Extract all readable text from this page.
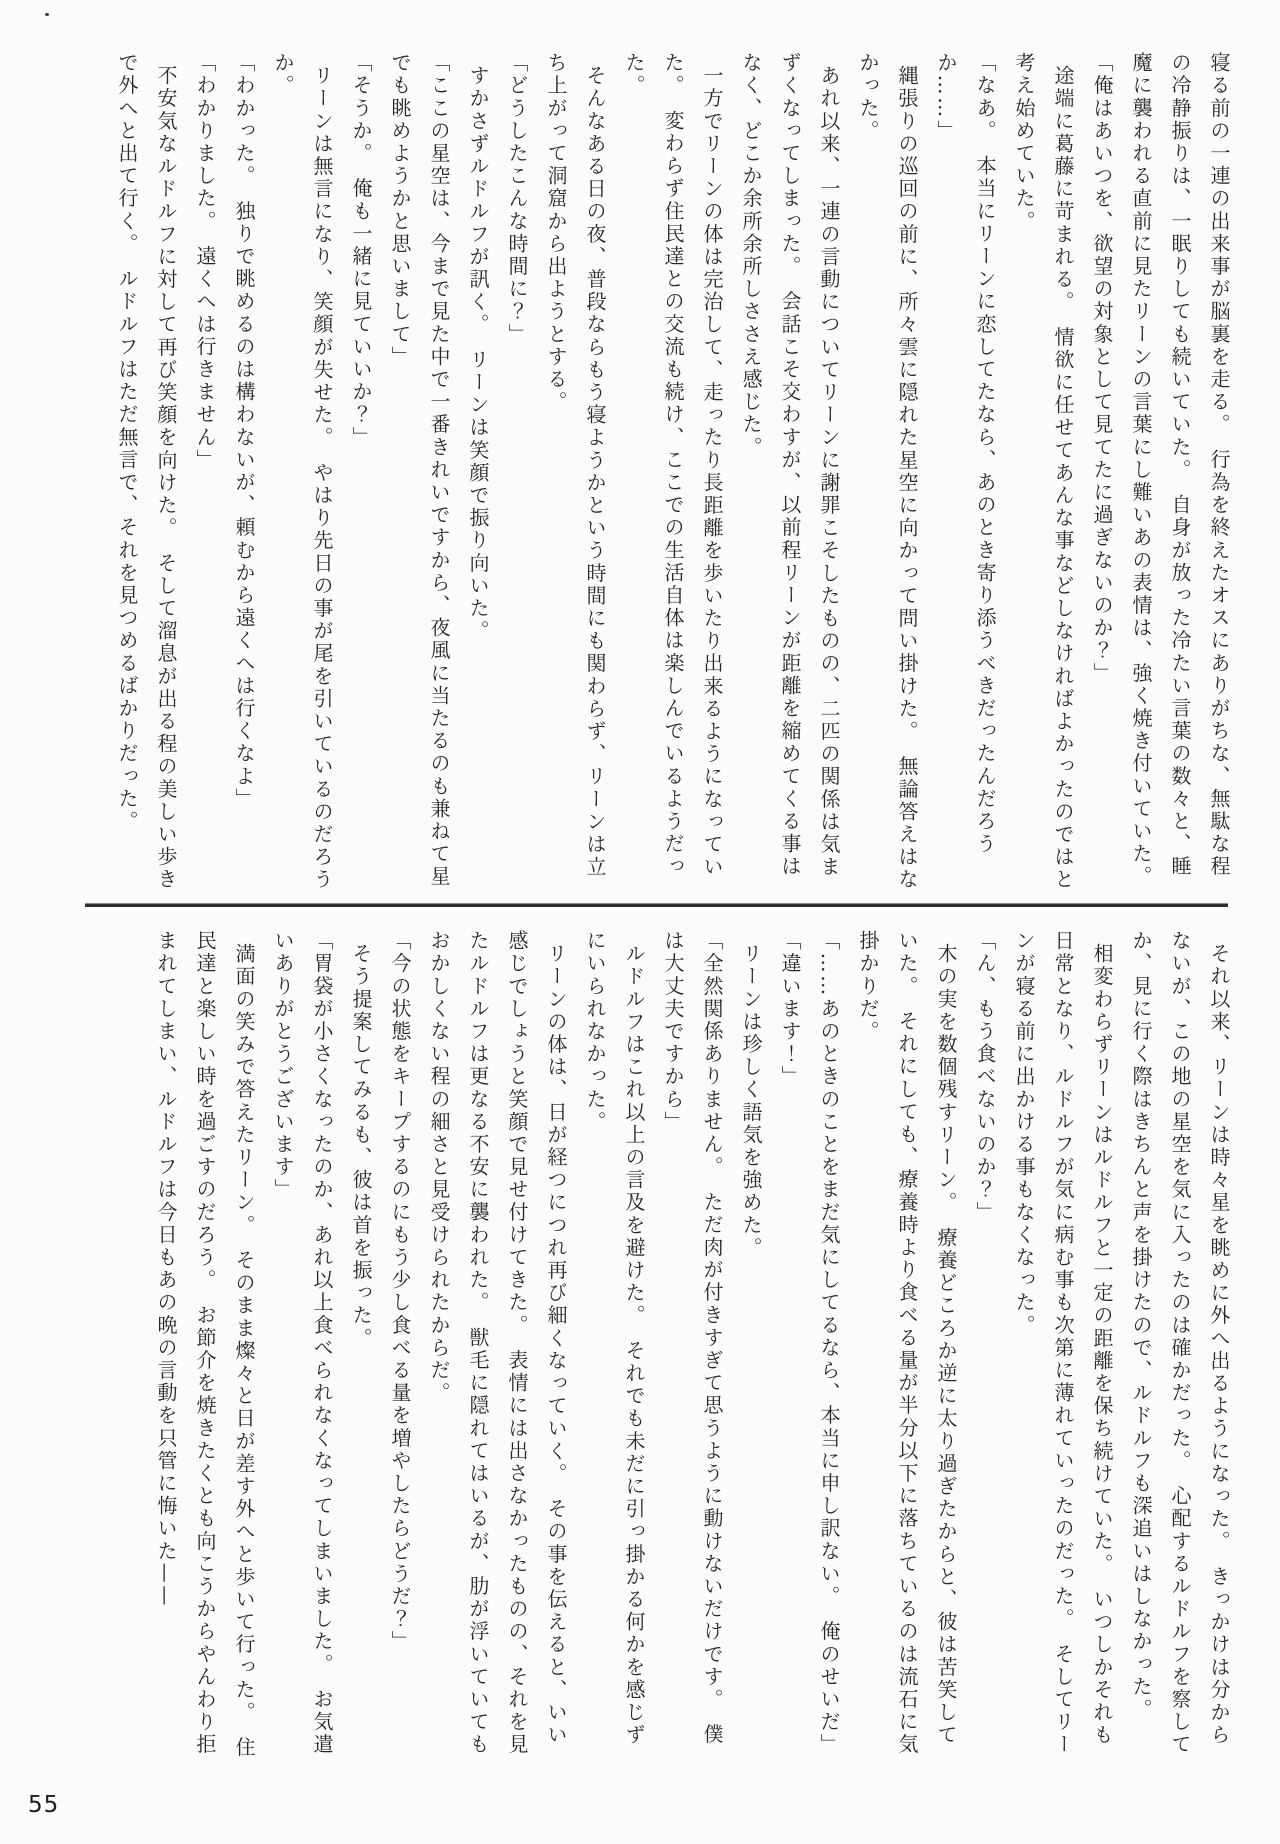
寝る前の一連の出来事が脳裏を走る。　行為を終えたオスにありがちな、無駄な程の冷静振りは、一眠りしても続いていた。　自身が放った冷たい言葉の数々と、睡魔に襲われる直前に見たリーンの言葉にし難いあの表情は、強く焼き付いていた。

「俺はあいつを、欲望の対象として見てたに過ぎないのか？」

途端に葛藤に苛まれる。　情欲に任せてあんな事などしなければよかったのではと考え始めていた。

「なあ。　本当にリーンに恋してたなら、あのとき寄り添うべきだったんだろうか……」

縄張りの巡回の前に、所々雲に隠れた星空に向かって問い掛けた。　無論答えはなかった。

あれ以来、一連の言動についてリーンに謝罪こそしたものの、二匹の関係は気まずくなってしまった。　会話こそ交わすが、以前程リーンが距離を縮めてくる事はなく、どこか余所余所しささえ感じた。

一方でリーンの体は完治して、走ったり長距離を歩いたり出来るようになっていた。　変わらず住民達との交流も続け、ここでの生活自体は楽しんでいるようだった。

そんなある日の夜、普段ならもう寝ようかという時間にも関わらず、リーンは立ち上がって洞窟から出ようとする。

「どうしたこんな時間に？」

すかさずルドルフが訊く。　リーンは笑顔で振り向いた。

「ここの星空は、今まで見た中で一番きれいですから、夜風に当たるのも兼ねて星でも眺めようかと思いまして」

「そうか。　俺も一緒に見ていいか？」

リーンは無言になり、笑顔が失せた。　やはり先日の事が尾を引いているのだろうか。

「わかった。　独りで眺めるのは構わないが、頼むから遠くへは行くなよ」

「わかりました。　遠くへは行きません」

不安気なルドルフに対して再び笑顔を向けた。　そして溜息が出る程の美しい歩きで外へと出て行く。　ルドルフはただ無言で、それを見つめるばかりだった。

それ以来、リーンは時々星を眺めに外へ出るようになった。　きっかけは分からないが、この地の星空を気に入ったのは確かだった。　心配するルドルフを察してか、見に行く際はきちんと声を掛けたので、ルドルフも深追いはしなかった。

相変わらずリーンはルドルフと一定の距離を保ち続けていた。　いつしかそれも日常となり、ルドルフが気に病む事も次第に薄れていったのだった。　そしてリーンが寝る前に出かける事もなくなった。

「ん、もう食べないのか？」

木の実を数個残すリーン。　療養どころか逆に太り過ぎたからと、彼は苦笑していた。　それにしても、療養時より食べる量が半分以下に落ちているのは流石に気掛かりだ。

「……あのときのことをまだ気にしてるなら、本当に申し訳ない。　俺のせいだ」

「違います！」

リーンは珍しく語気を強めた。

「全然関係ありません。　ただ肉が付きすぎて思うように動けないだけです。　僕は大丈夫ですから」

ルドルフはこれ以上の言及を避けた。　それでも未だに引っ掛かる何かを感じずにいられなかった。

リーンの体は、日が経つにつれ再び細くなっていく。　その事を伝えると、いい感じでしょうと笑顔で見せ付けてきた。　表情には出さなかったものの、それを見たルドルフは更なる不安に襲われた。　獣毛に隠れてはいるが、肋が浮いていてもおかしくない程の細さと見受けられたからだ。

「今の状態をキープするのにもう少し食べる量を増やしたらどうだ？」

そう提案してみるも、彼は首を振った。

「胃袋が小さくなったのか、あれ以上食べられなくなってしまいました。　お気遣いありがとうございます」

満面の笑みで答えたリーン。　そのまま燦々と日が差す外へと歩いて行った。　住民達と楽しい時を過ごすのだろう。　お節介を焼きたくとも向こうからやんわり拒まれてしまい、ルドルフは今日もあの晩の言動を只管に悔いた——

55
